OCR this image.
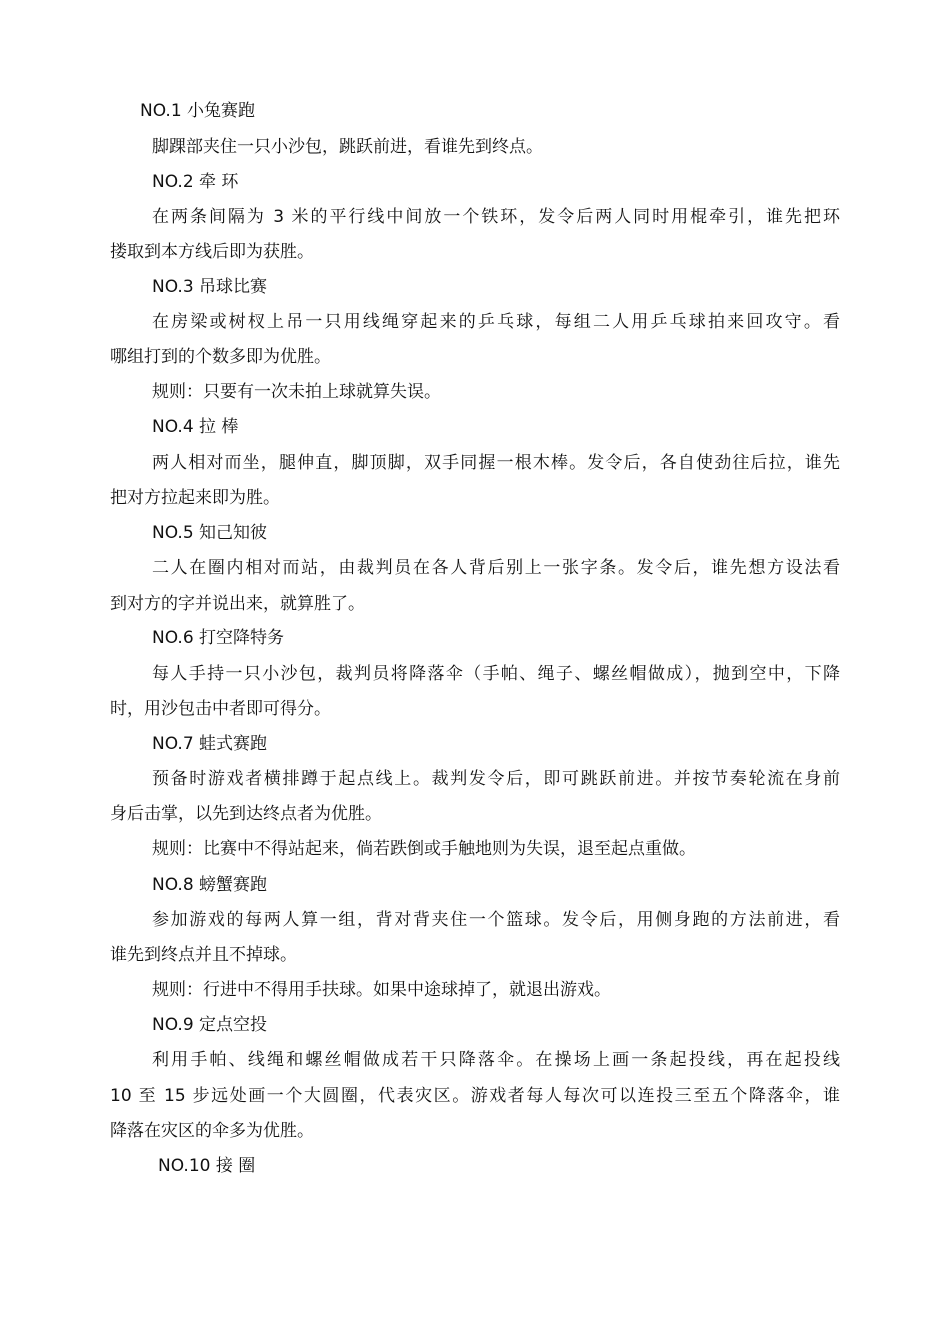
NO.1 小兔赛跑
脚踝部夹住一只小沙包，跳跃前进，看谁先到终点。
NO.2 牵 环
在两条间隔为 3 米的平行线中间放一个铁环，发令后两人同时用棍牵引，谁先把环
搂取到本方线后即为获胜。
NO.3 吊球比赛
在房梁或树杈上吊一只用线绳穿起来的乒乓球，每组二人用乒乓球拍来回攻守。看
哪组打到的个数多即为优胜。
规则：只要有一次未拍上球就算失误。
NO.4 拉 棒
两人相对而坐，腿伸直，脚顶脚，双手同握一根木棒。发令后，各自使劲往后拉，谁先
把对方拉起来即为胜。
NO.5 知己知彼
二人在圈内相对而站，由裁判员在各人背后别上一张字条。发令后，谁先想方设法看
到对方的字并说出来，就算胜了。
NO.6 打空降特务
每人手持一只小沙包，裁判员将降落伞（手帕、绳子、螺丝帽做成），抛到空中，下降
时，用沙包击中者即可得分。
NO.7 蛙式赛跑
预备时游戏者横排蹲于起点线上。裁判发令后，即可跳跃前进。并按节奏轮流在身前
身后击掌，以先到达终点者为优胜。
规则：比赛中不得站起来，倘若跌倒或手触地则为失误，退至起点重做。
NO.8 螃蟹赛跑
参加游戏的每两人算一组，背对背夹住一个篮球。发令后，用侧身跑的方法前进，看
谁先到终点并且不掉球。
规则：行进中不得用手扶球。如果中途球掉了，就退出游戏。
NO.9 定点空投
利用手帕、线绳和螺丝帽做成若干只降落伞。在操场上画一条起投线，再在起投线
10 至 15 步远处画一个大圆圈，代表灾区。游戏者每人每次可以连投三至五个降落伞，谁
降落在灾区的伞多为优胜。
NO.10 接 圈
